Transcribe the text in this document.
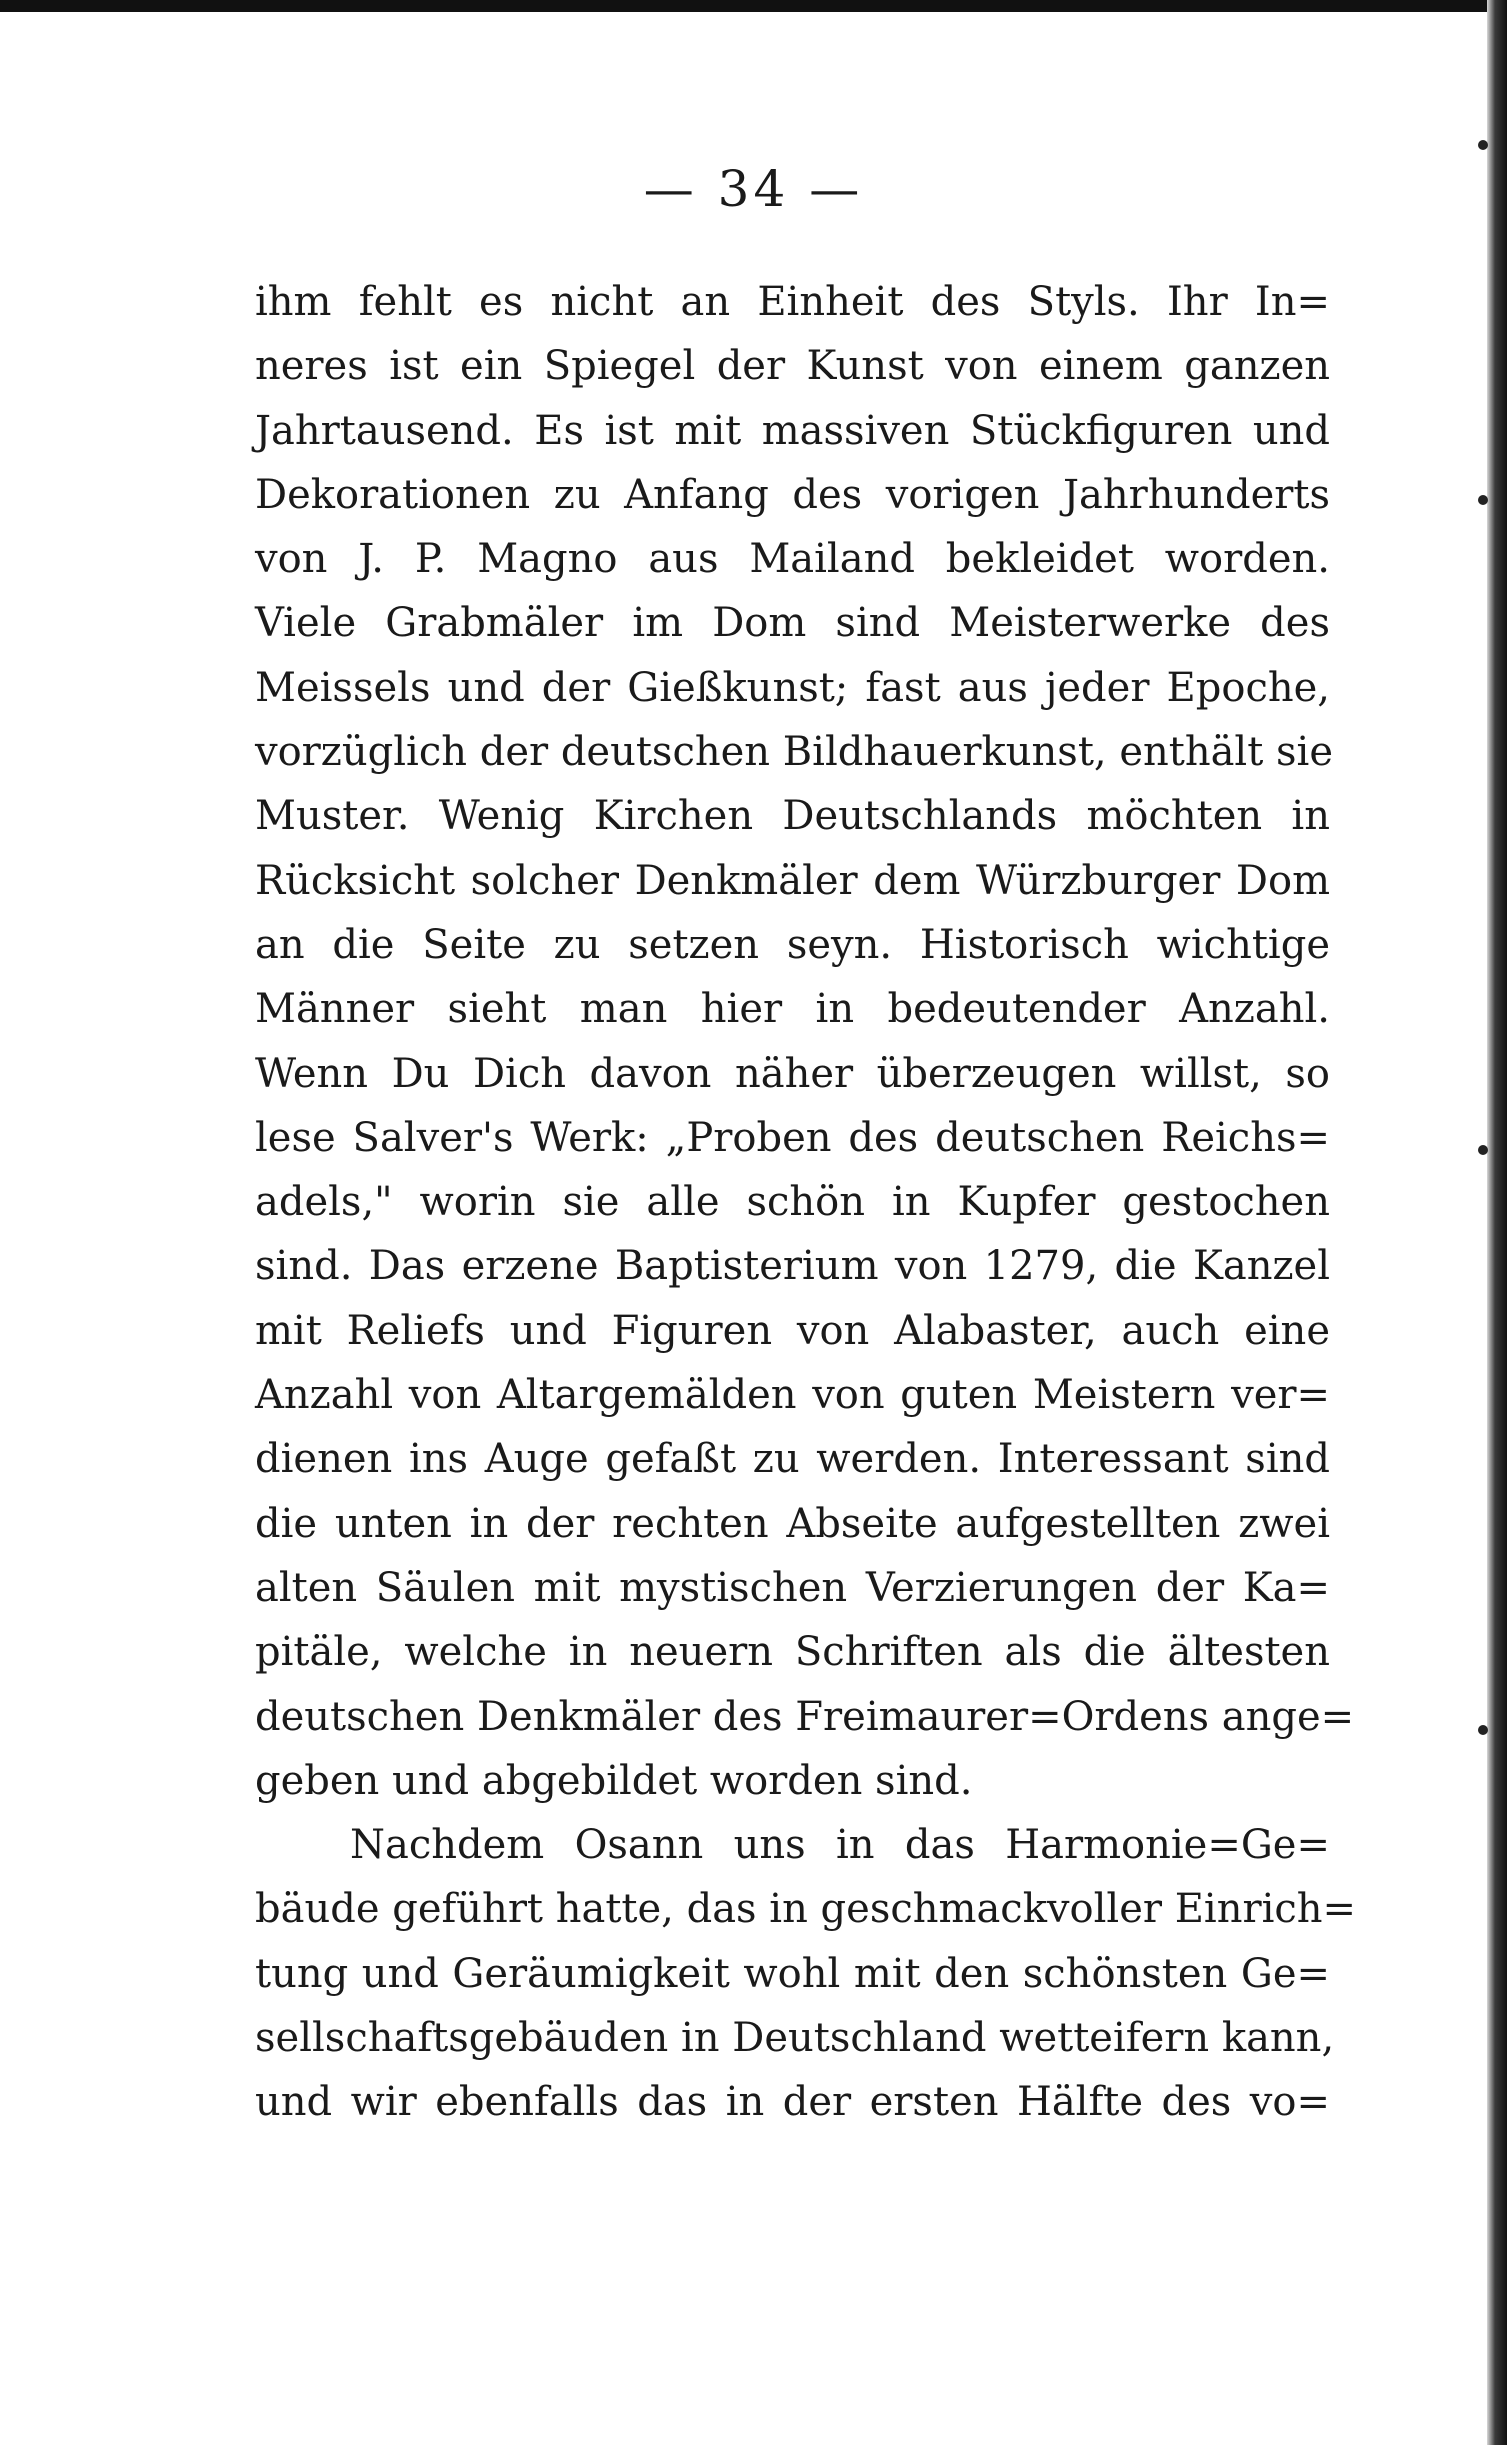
— 34 —
ihm fehlt es nicht an Einheit des Styls. Ihr In=
neres ist ein Spiegel der Kunst von einem ganzen
Jahrtausend. Es ist mit massiven Stückfiguren und
Dekorationen zu Anfang des vorigen Jahrhunderts
von J. P. Magno aus Mailand bekleidet worden.
Viele Grabmäler im Dom sind Meisterwerke des
Meissels und der Gießkunst; fast aus jeder Epoche,
vorzüglich der deutschen Bildhauerkunst, enthält sie
Muster. Wenig Kirchen Deutschlands möchten in
Rücksicht solcher Denkmäler dem Würzburger Dom
an die Seite zu setzen seyn. Historisch wichtige
Männer sieht man hier in bedeutender Anzahl.
Wenn Du Dich davon näher überzeugen willst, so
lese Salver's Werk: „Proben des deutschen Reichs=
adels," worin sie alle schön in Kupfer gestochen
sind. Das erzene Baptisterium von 1279, die Kanzel
mit Reliefs und Figuren von Alabaster, auch eine
Anzahl von Altargemälden von guten Meistern ver=
dienen ins Auge gefaßt zu werden. Interessant sind
die unten in der rechten Abseite aufgestellten zwei
alten Säulen mit mystischen Verzierungen der Ka=
pitäle, welche in neuern Schriften als die ältesten
deutschen Denkmäler des Freimaurer=Ordens ange=
geben und abgebildet worden sind.
Nachdem Osann uns in das Harmonie=Ge=
bäude geführt hatte, das in geschmackvoller Einrich=
tung und Geräumigkeit wohl mit den schönsten Ge=
sellschaftsgebäuden in Deutschland wetteifern kann,
und wir ebenfalls das in der ersten Hälfte des vo=
